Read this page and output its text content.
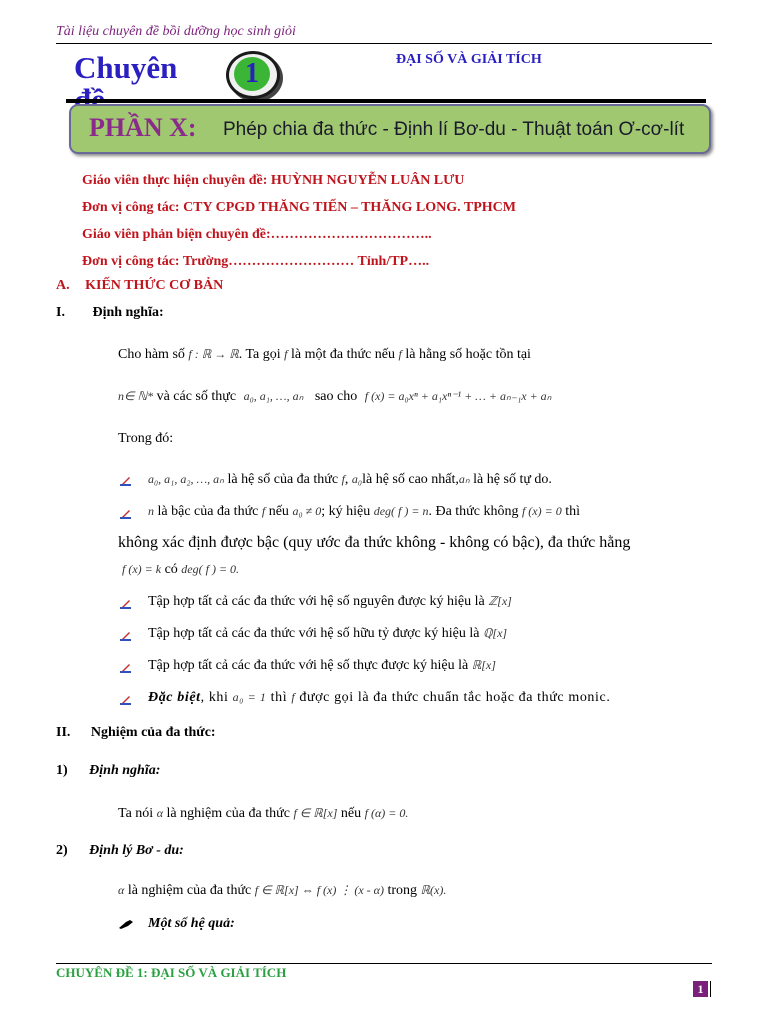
Tài liệu chuyên đề bồi dưỡng học sinh giỏi
Chuyên	1	ĐẠI SỐ VÀ GIẢI TÍCH
PHẦN X: Phép chia đa thức - Định lí Bơ-du - Thuật toán Ơ-cơ-lít
Giáo viên thực hiện chuyên đề: HUỲNH NGUYỄN LUÂN LƯU
Đơn vị công tác: CTY CPGD THĂNG TIẾN – THĂNG LONG. TPHCM
Giáo viên phản biện chuyên đề:……………………………..
Đơn vị công tác: Trường……………………… Tỉnh/TP…..
A. KIẾN THỨC CƠ BẢN
I. Định nghĩa:
Cho hàm số f : ℝ → ℝ. Ta gọi f là một đa thức nếu f là hằng số hoặc tồn tại
n∈ ℕ* và các số thực a₀, a₁, …, aₙ sao cho f (x) = a₀xⁿ + a₁xⁿ⁻¹ + … + aₙ₋₁x + aₙ
Trong đó:
a₀, a₁, a₂, …, aₙ là hệ số của đa thức f, a₀là hệ số cao nhất,aₙ là hệ số tự do.
n là bậc của đa thức f nếu a₀ ≠ 0; ký hiệu deg( f ) = n. Đa thức không f (x) = 0 thì
không xác định được bậc (quy ước đa thức không - không có bậc), đa thức hằng
f (x) = k có deg( f ) = 0.
Tập hợp tất cả các đa thức với hệ số nguyên được ký hiệu là ℤ[x]
Tập hợp tất cả các đa thức với hệ số hữu tỷ được ký hiệu là ℚ[x]
Tập hợp tất cả các đa thức với hệ số thực được ký hiệu là ℝ[x]
Đặc biệt, khi a₀ = 1 thì f được gọi là đa thức chuẩn tắc hoặc đa thức monic.
II. Nghiệm của đa thức:
1) Định nghĩa:
Ta nói α là nghiệm của đa thức f ∈ ℝ[x] nếu f (α) = 0.
2) Định lý Bơ - du:
α là nghiệm của đa thức f ∈ ℝ[x] ⇔ f (x) ⋮ (x - α) trong ℝ(x).
Một số hệ quả:
CHUYÊN ĐỀ 1: ĐẠI SỐ VÀ GIẢI TÍCH
1
